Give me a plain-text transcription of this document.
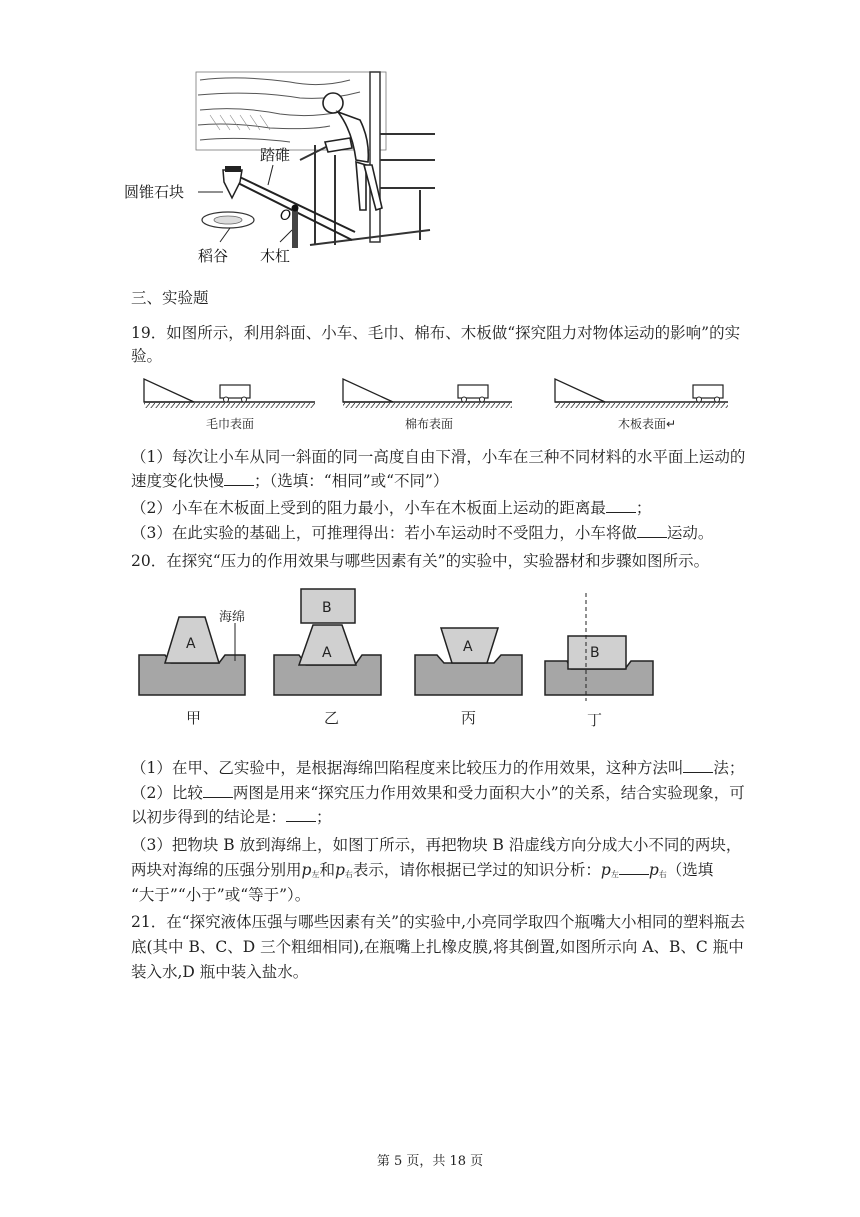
踏碓
圆锥石块
O
稻谷 木杠
三、实验题
19．如图所示，利用斜面、小车、毛巾、棉布、木板做“探究阻力对物体运动的影响”的实
验。
毛巾表面	棉布表面	木板表面↵
（1）每次让小车从同一斜面的同一高度自由下滑，小车在三种不同材料的水平面上运动的
速度变化快慢 ；（选填：“相同”或“不同”）
（2）小车在木板面上受到的阻力最小，小车在木板面上运动的距离最 ；
（3）在此实验的基础上，可推理得出：若小车运动时不受阻力，小车将做 运动。
20．在探究“压力的作用效果与哪些因素有关”的实验中，实验器材和步骤如图所示。
A
海绵
B
A	A	B
甲	乙	丙	丁
（1）在甲、乙实验中，是根据海绵凹陷程度来比较压力的作用效果，这种方法叫 法；
（2）比较 两图是用来“探究压力作用效果和受力面积大小”的关系，结合实验现象，可
以初步得到的结论是： ；
（3）把物块 B 放到海绵上，如图丁所示，再把物块 B 沿虚线方向分成大小不同的两块，
两块对海绵的压强分别用$p_左$和$p_右$表示，请你根据已学过的知识分析：$p_左$ $p_右$（选填
“大于”“小于”或“等于”）。
21．在“探究液体压强与哪些因素有关”的实验中,小亮同学取四个瓶嘴大小相同的塑料瓶去
底(其中 B、C、D 三个粗细相同),在瓶嘴上扎橡皮膜,将其倒置,如图所示向 A、B、C 瓶中
装入水,D 瓶中装入盐水。
第 5 页，共 18 页
